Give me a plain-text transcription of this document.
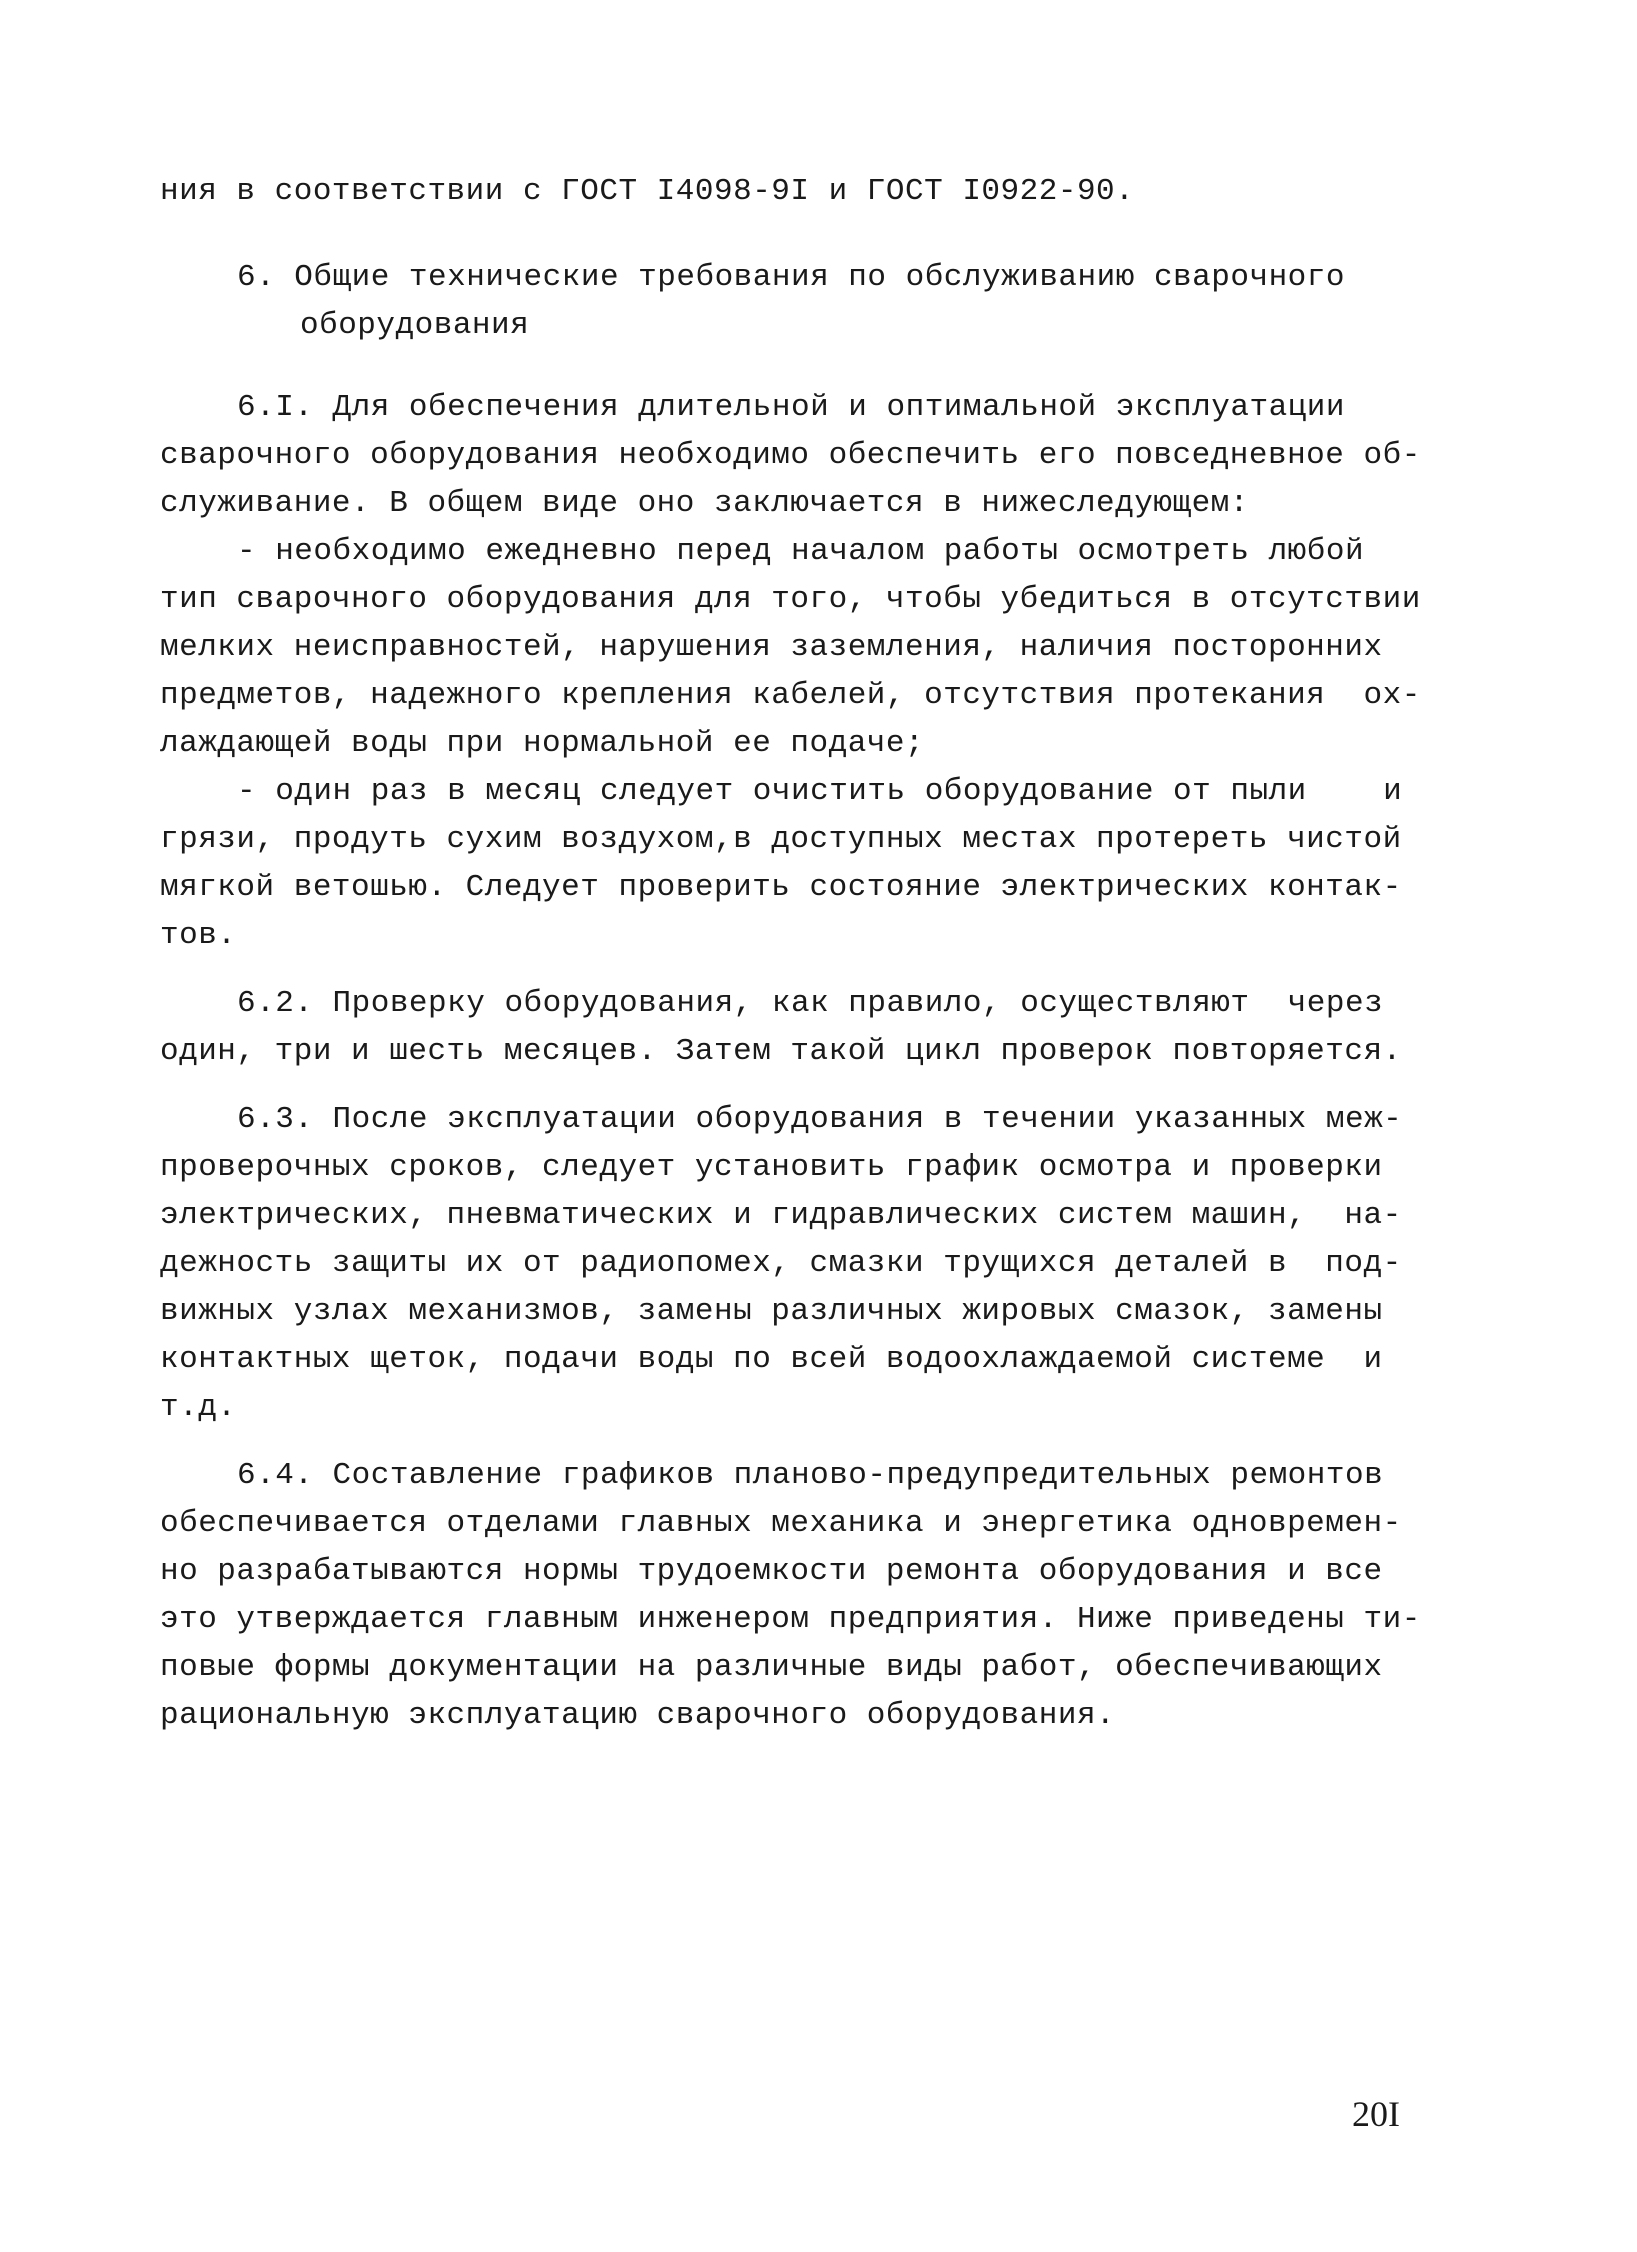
ния в соответствии с ГОСТ I4098-9I и ГОСТ I0922-90.
6. Общие технические требования по обслуживанию сварочного
оборудования
6.I. Для обеспечения длительной и оптимальной эксплуатации
сварочного оборудования необходимо обеспечить его повседневное об-
служивание. В общем виде оно заключается в нижеследующем:
- необходимо ежедневно перед началом работы осмотреть любой
тип сварочного оборудования для того, чтобы убедиться в отсутствии
мелких неисправностей, нарушения заземления, наличия посторонних
предметов, надежного крепления кабелей, отсутствия протекания  ох-
лаждающей воды при нормальной ее подаче;
- один раз в месяц следует очистить оборудование от пыли    и
грязи, продуть сухим воздухом,в доступных местах протереть чистой
мягкой ветошью. Следует проверить состояние электрических контак-
тов.
6.2. Проверку оборудования, как правило, осуществляют  через
один, три и шесть месяцев. Затем такой цикл проверок повторяется.
6.3. После эксплуатации оборудования в течении указанных меж-
проверочных сроков, следует установить график осмотра и проверки
электрических, пневматических и гидравлических систем машин,  на-
дежность защиты их от радиопомех, смазки трущихся деталей в  под-
вижных узлах механизмов, замены различных жировых смазок, замены
контактных щеток, подачи воды по всей водоохлаждаемой системе  и
т.д.
6.4. Составление графиков планово-предупредительных ремонтов
обеспечивается отделами главных механика и энергетика одновремен-
но разрабатываются нормы трудоемкости ремонта оборудования и все
это утверждается главным инженером предприятия. Ниже приведены ти-
повые формы документации на различные виды работ, обеспечивающих
рациональную эксплуатацию сварочного оборудования.
20I
